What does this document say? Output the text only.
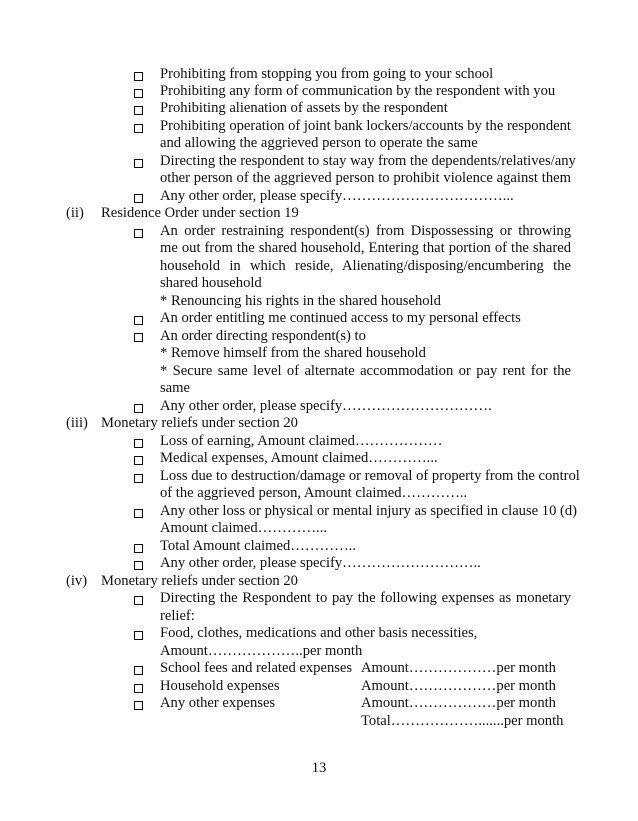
Prohibiting from stopping you from going to your school
Prohibiting any form of communication by the respondent with you
Prohibiting alienation of assets by the respondent
Prohibiting operation of joint bank lockers/accounts by the respondent
and allowing the aggrieved person to operate the same
Directing the respondent to stay way from the dependents/relatives/any
other person of the aggrieved person to prohibit violence against them
Any other order, please specify……………………………...
(ii) Residence Order under section 19
An order restraining respondent(s) from Dispossessing or throwing
me out from the shared household, Entering that portion of the shared
household in which reside, Alienating/disposing/encumbering the
shared household
* Renouncing his rights in the shared household
An order entitling me continued access to my personal effects
An order directing respondent(s) to
* Remove himself from the shared household
* Secure same level of alternate accommodation or pay rent for the
same
Any other order, please specify………………………….
(iii) Monetary reliefs under section 20
Loss of earning, Amount claimed………………
Medical expenses, Amount claimed…………...
Loss due to destruction/damage or removal of property from the control
of the aggrieved person, Amount claimed…………..
Any other loss or physical or mental injury as specified in clause 10 (d)
Amount claimed…………...
Total Amount claimed…………..
Any other order, please specify………………………..
(iv) Monetary reliefs under section 20
Directing the Respondent to pay the following expenses as monetary
relief:
Food, clothes, medications and other basis necessities,
Amount………………..per month
School fees and related expenses Amount………………per month
Household expenses	Amount………………per month
Any other expenses	Amount………………per month
Total……………….......per month
13
